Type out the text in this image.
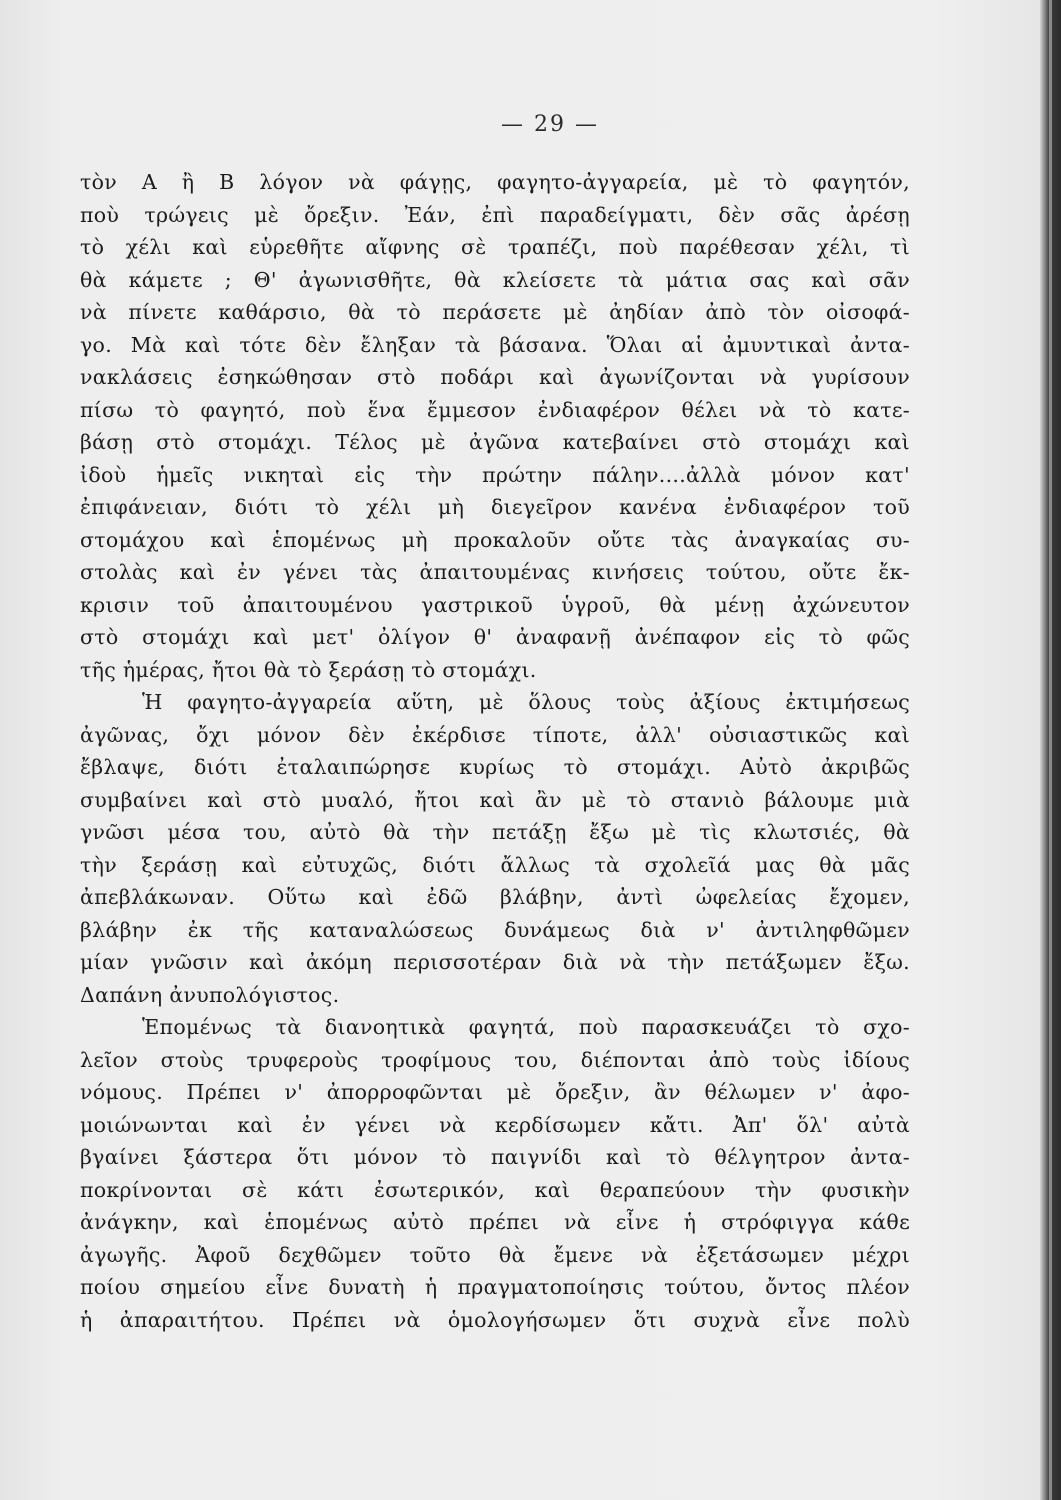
— 29 —
τὸν Α ἢ Β λόγον νὰ φάγῃς, φαγητο-ἀγγαρεία, μὲ τὸ φαγητόν,
ποὺ τρώγεις μὲ ὄρεξιν. Ἐάν, ἐπὶ παραδείγματι, δὲν σᾶς ἀρέσῃ
τὸ χέλι καὶ εὑρεθῆτε αἴφνης σὲ τραπέζι, ποὺ παρέθεσαν χέλι, τὶ
θὰ κάμετε ; Θ' ἀγωνισθῆτε, θὰ κλείσετε τὰ μάτια σας καὶ σᾶν
νὰ πίνετε καθάρσιο, θὰ τὸ περάσετε μὲ ἀηδίαν ἀπὸ τὸν οἰσοφά-
γο. Μὰ καὶ τότε δὲν ἔληξαν τὰ βάσανα. Ὅλαι αἱ ἀμυντικαὶ ἀντα-
νακλάσεις ἐσηκώθησαν στὸ ποδάρι καὶ ἀγωνίζονται νὰ γυρίσουν
πίσω τὸ φαγητό, ποὺ ἕνα ἔμμεσον ἐνδιαφέρον θέλει νὰ τὸ κατε-
βάσῃ στὸ στομάχι. Τέλος μὲ ἀγῶνα κατεβαίνει στὸ στομάχι καὶ
ἰδοὺ ἡμεῖς νικηταὶ εἰς τὴν πρώτην πάλην....ἀλλὰ μόνον κατ'
ἐπιφάνειαν, διότι τὸ χέλι μὴ διεγεῖρον κανένα ἐνδιαφέρον τοῦ
στομάχου καὶ ἑπομένως μὴ προκαλοῦν οὔτε τὰς ἀναγκαίας συ-
στολὰς καὶ ἐν γένει τὰς ἀπαιτουμένας κινήσεις τούτου, οὔτε ἔκ-
κρισιν τοῦ ἀπαιτουμένου γαστρικοῦ ὑγροῦ, θὰ μένῃ ἀχώνευτον
στὸ στομάχι καὶ μετ' ὀλίγον θ' ἀναφανῇ ἀνέπαφον εἰς τὸ φῶς
τῆς ἡμέρας, ἤτοι θὰ τὸ ξεράσῃ τὸ στομάχι.
Ἡ φαγητο-ἀγγαρεία αὕτη, μὲ ὅλους τοὺς ἀξίους ἐκτιμήσεως
ἀγῶνας, ὄχι μόνον δὲν ἐκέρδισε τίποτε, ἀλλ' οὐσιαστικῶς καὶ
ἔβλαψε, διότι ἐταλαιπώρησε κυρίως τὸ στομάχι. Αὐτὸ ἀκριβῶς
συμβαίνει καὶ στὸ μυαλό, ἤτοι καὶ ἂν μὲ τὸ στανιὸ βάλουμε μιὰ
γνῶσι μέσα του, αὐτὸ θὰ τὴν πετάξῃ ἔξω μὲ τὶς κλωτσιές, θὰ
τὴν ξεράσῃ καὶ εὐτυχῶς, διότι ἄλλως τὰ σχολεῖά μας θὰ μᾶς
ἀπεβλάκωναν. Οὕτω καὶ ἐδῶ βλάβην, ἀντὶ ὠφελείας ἔχομεν,
βλάβην ἐκ τῆς καταναλώσεως δυνάμεως διὰ ν' ἀντιληφθῶμεν
μίαν γνῶσιν καὶ ἀκόμη περισσοτέραν διὰ νὰ τὴν πετάξωμεν ἔξω.
Δαπάνη ἀνυπολόγιστος.
Ἑπομένως τὰ διανοητικὰ φαγητά, ποὺ παρασκευάζει τὸ σχο-
λεῖον στοὺς τρυφεροὺς τροφίμους του, διέπονται ἀπὸ τοὺς ἰδίους
νόμους. Πρέπει ν' ἀπορροφῶνται μὲ ὄρεξιν, ἂν θέλωμεν ν' ἀφο-
μοιώνωνται καὶ ἐν γένει νὰ κερδίσωμεν κἄτι. Ἀπ' ὅλ' αὐτὰ
βγαίνει ξάστερα ὅτι μόνον τὸ παιγνίδι καὶ τὸ θέλγητρον ἀντα-
ποκρίνονται σὲ κάτι ἐσωτερικόν, καὶ θεραπεύουν τὴν φυσικὴν
ἀνάγκην, καὶ ἑπομένως αὐτὸ πρέπει νὰ εἶνε ἡ στρόφιγγα κάθε
ἀγωγῆς. Ἀφοῦ δεχθῶμεν τοῦτο θὰ ἔμενε νὰ ἐξετάσωμεν μέχρι
ποίου σημείου εἶνε δυνατὴ ἡ πραγματοποίησις τούτου, ὄντος πλέον
ἡ ἀπαραιτήτου. Πρέπει νὰ ὁμολογήσωμεν ὅτι συχνὰ εἶνε πολὺ
